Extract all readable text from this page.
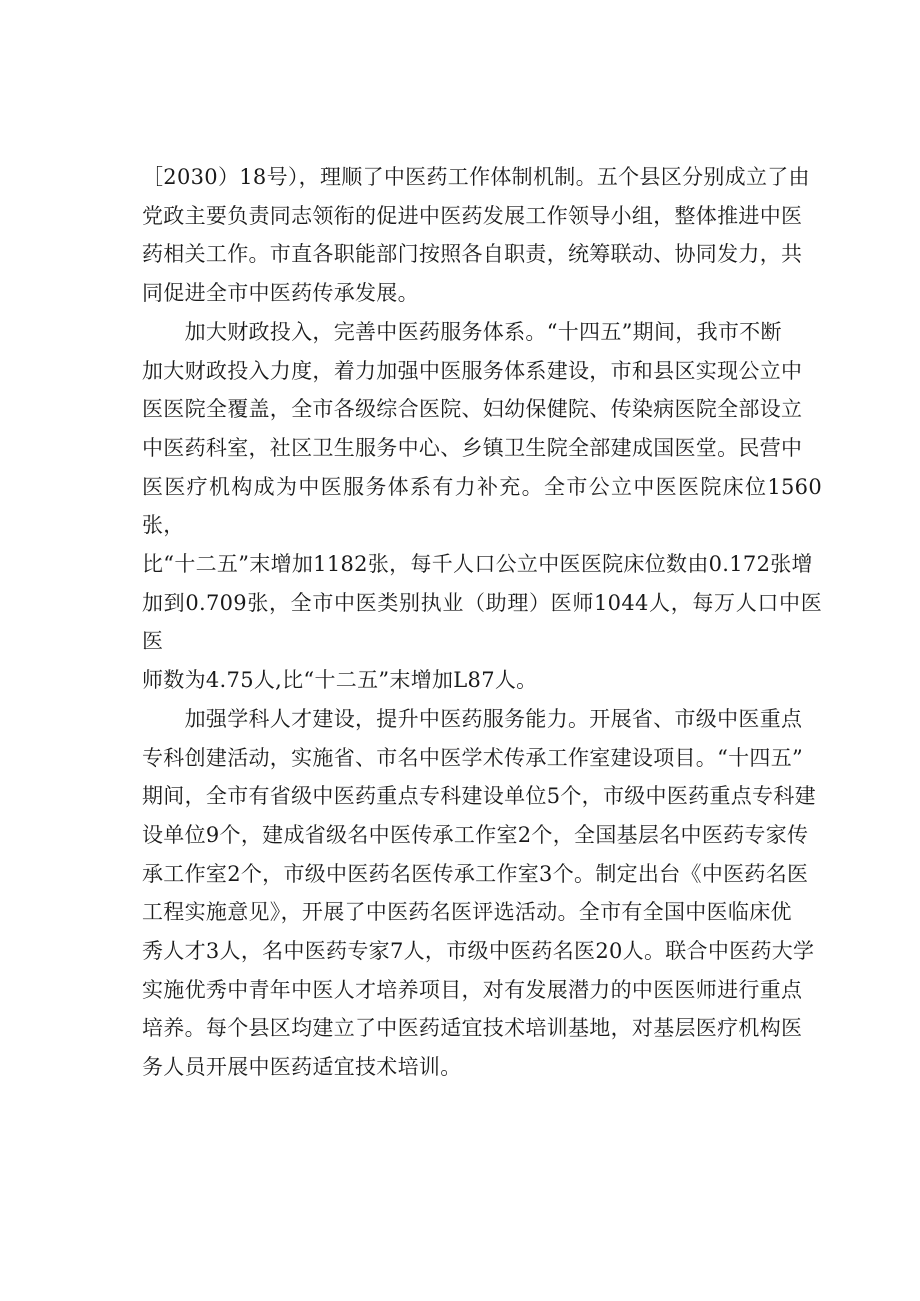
［2030）18号），理顺了中医药工作体制机制。五个县区分别成立了由
党政主要负责同志领衔的促进中医药发展工作领导小组，整体推进中医
药相关工作。市直各职能部门按照各自职责，统筹联动、协同发力，共
同促进全市中医药传承发展。
　　加大财政投入，完善中医药服务体系。“十四五”期间，我市不断
加大财政投入力度，着力加强中医服务体系建设，市和县区实现公立中
医医院全覆盖，全市各级综合医院、妇幼保健院、传染病医院全部设立
中医药科室，社区卫生服务中心、乡镇卫生院全部建成国医堂。民营中
医医疗机构成为中医服务体系有力补充。全市公立中医医院床位1560张，
比“十二五”末增加1182张，每千人口公立中医医院床位数由0.172张增
加到0.709张，全市中医类别执业（助理）医师1044人，每万人口中医医
师数为4.75人,比“十二五”末增加L87人。
　　加强学科人才建设，提升中医药服务能力。开展省、市级中医重点
专科创建活动，实施省、市名中医学术传承工作室建设项目。“十四五”
期间，全市有省级中医药重点专科建设单位5个，市级中医药重点专科建
设单位9个，建成省级名中医传承工作室2个，全国基层名中医药专家传
承工作室2个，市级中医药名医传承工作室3个。制定出台《中医药名医
工程实施意见》，开展了中医药名医评选活动。全市有全国中医临床优
秀人才3人，名中医药专家7人，市级中医药名医20人。联合中医药大学
实施优秀中青年中医人才培养项目，对有发展潜力的中医医师进行重点
培养。每个县区均建立了中医药适宜技术培训基地，对基层医疗机构医
务人员开展中医药适宜技术培训。
